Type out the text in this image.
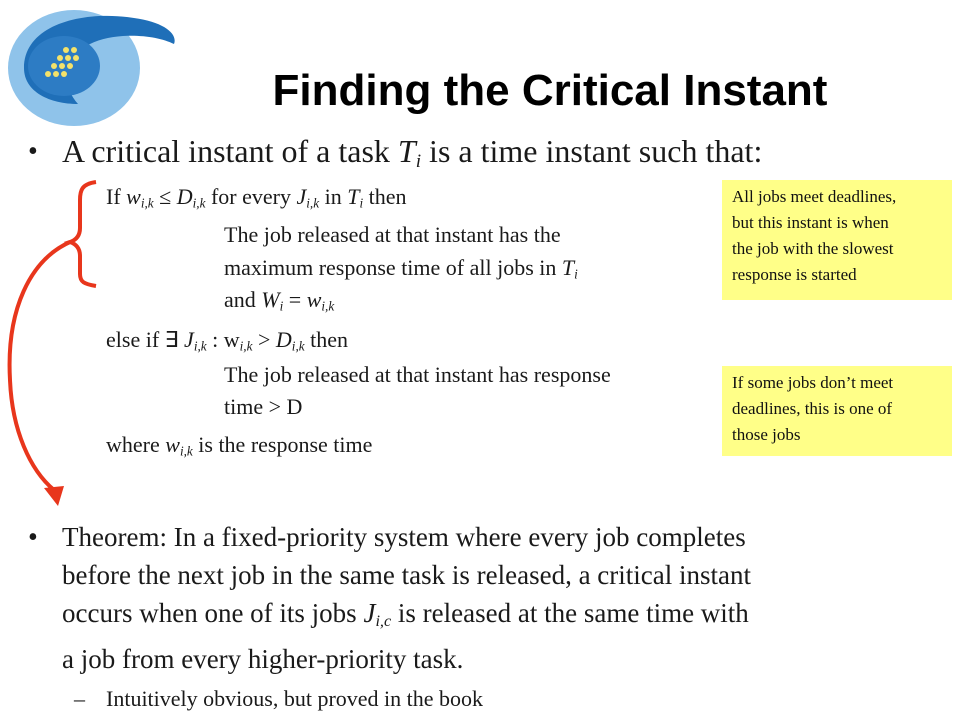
Finding the Critical Instant
• A critical instant of a task $T_i$ is a time instant such that:
If $w_{i,k} \le D_{i,k}$ for every $J_{i,k}$ in $T_i$ then
The job released at that instant has the
maximum response time of all jobs in $T_i$
and $W_i = w_{i,k}$
else if ∃ $J_{i,k}$ : $w_{i,k} > D_{i,k}$ then
The job released at that instant has response
time > D
where $w_{i,k}$ is the response time
All jobs meet deadlines,
but this instant is when
the job with the slowest
response is started
If some jobs don’t meet
deadlines, this is one of
those jobs
• Theorem: In a fixed-priority system where every job completes
before the next job in the same task is released, a critical instant
occurs when one of its jobs $J_{i,c}$ is released at the same time with
a job from every higher-priority task.
– Intuitively obvious, but proved in the book
